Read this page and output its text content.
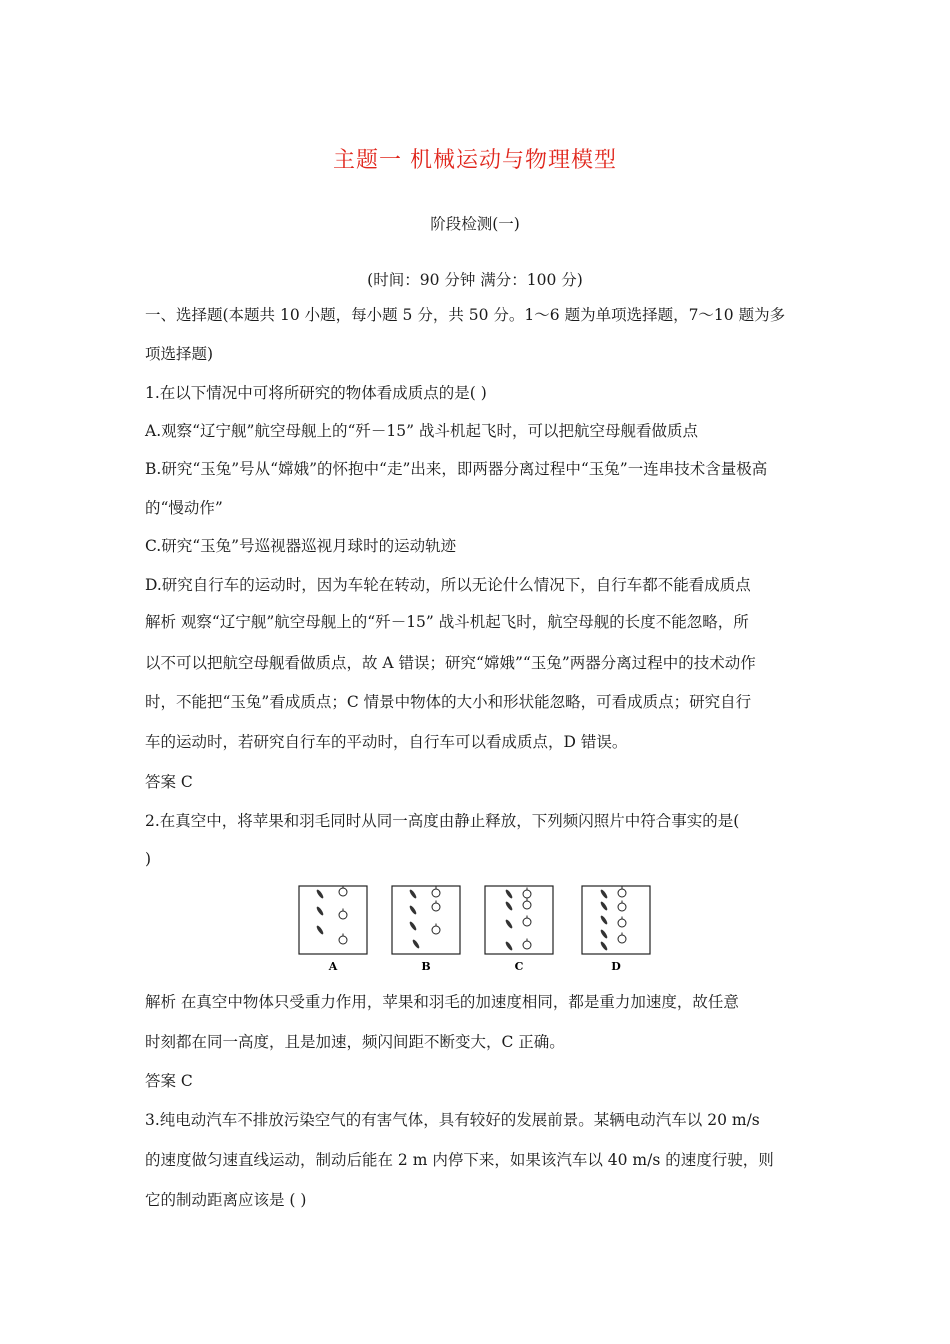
主题一 机械运动与物理模型
阶段检测(一)
(时间：90 分钟 满分：100 分)
一、选择题(本题共 10 小题，每小题 5 分，共 50 分。1～6 题为单项选择题，7～10 题为多
项选择题)
1.在以下情况中可将所研究的物体看成质点的是( )
A.观察“辽宁舰”航空母舰上的“歼－15” 战斗机起飞时，可以把航空母舰看做质点
B.研究“玉兔”号从“嫦娥”的怀抱中“走”出来，即两器分离过程中“玉兔”一连串技术含量极高
的“慢动作”
C.研究“玉兔”号巡视器巡视月球时的运动轨迹
D.研究自行车的运动时，因为车轮在转动，所以无论什么情况下，自行车都不能看成质点
解析 观察“辽宁舰”航空母舰上的“歼－15” 战斗机起飞时，航空母舰的长度不能忽略，所
以不可以把航空母舰看做质点，故 A 错误；研究“嫦娥”“玉兔”两器分离过程中的技术动作
时，不能把“玉兔”看成质点；C 情景中物体的大小和形状能忽略，可看成质点；研究自行
车的运动时，若研究自行车的平动时，自行车可以看成质点，D 错误。
答案 C
2.在真空中，将苹果和羽毛同时从同一高度由静止释放，下列频闪照片中符合事实的是(
)
A	B	C	D
解析 在真空中物体只受重力作用，苹果和羽毛的加速度相同，都是重力加速度，故任意
时刻都在同一高度，且是加速，频闪间距不断变大，C 正确。
答案 C
3.纯电动汽车不排放污染空气的有害气体，具有较好的发展前景。某辆电动汽车以 20 m/s
的速度做匀速直线运动，制动后能在 2 m 内停下来，如果该汽车以 40 m/s 的速度行驶，则
它的制动距离应该是 ( )
